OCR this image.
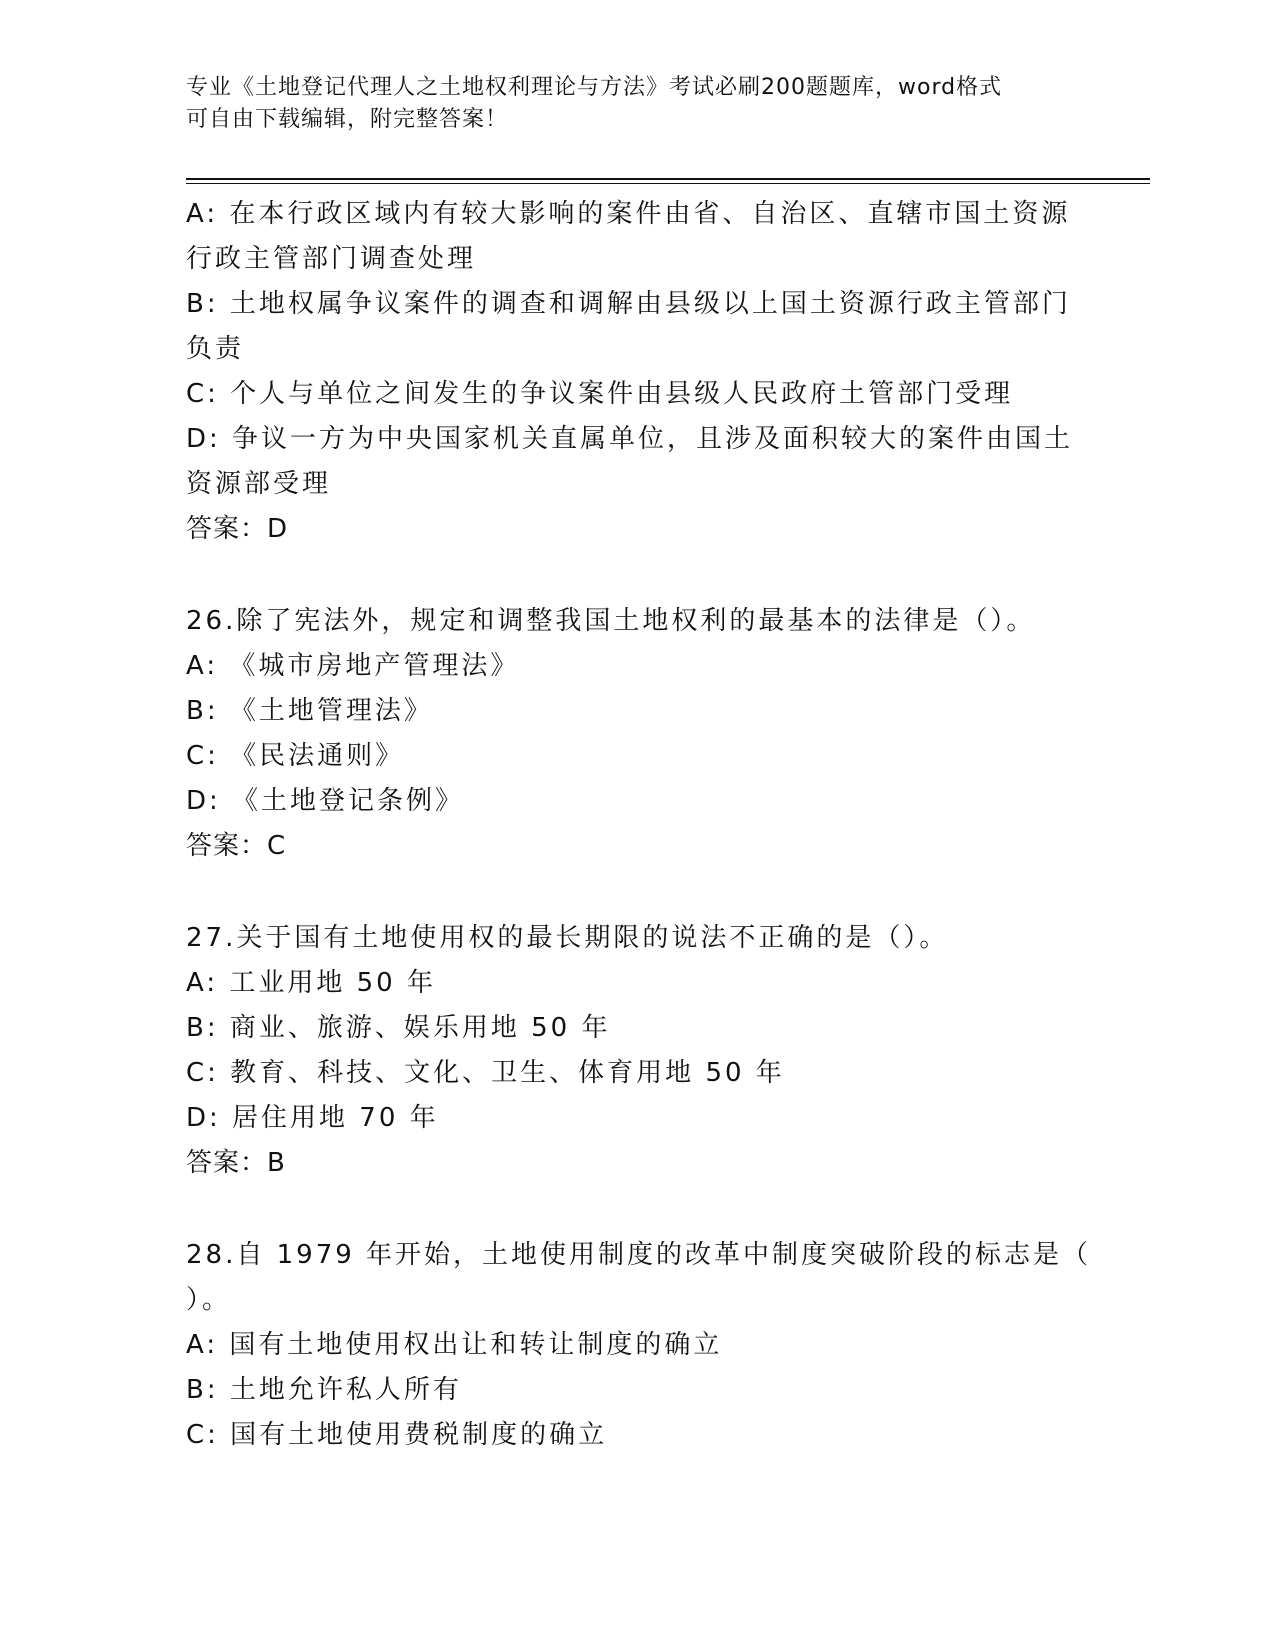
专业《土地登记代理人之土地权利理论与方法》考试必刷200题题库，word格式
可自由下载编辑，附完整答案！
A: 在本行政区域内有较大影响的案件由省、自治区、直辖市国土资源
行政主管部门调查处理
B: 土地权属争议案件的调查和调解由县级以上国土资源行政主管部门
负责
C: 个人与单位之间发生的争议案件由县级人民政府土管部门受理
D: 争议一方为中央国家机关直属单位，且涉及面积较大的案件由国土
资源部受理
答案：D
26.除了宪法外，规定和调整我国土地权利的最基本的法律是（）。
A: 《城市房地产管理法》
B: 《土地管理法》
C: 《民法通则》
D: 《土地登记条例》
答案：C
27.关于国有土地使用权的最长期限的说法不正确的是（）。
A: 工业用地 50 年
B: 商业、旅游、娱乐用地 50 年
C: 教育、科技、文化、卫生、体育用地 50 年
D: 居住用地 70 年
答案：B
28.自 1979 年开始，土地使用制度的改革中制度突破阶段的标志是（
）。
A: 国有土地使用权出让和转让制度的确立
B: 土地允许私人所有
C: 国有土地使用费税制度的确立
